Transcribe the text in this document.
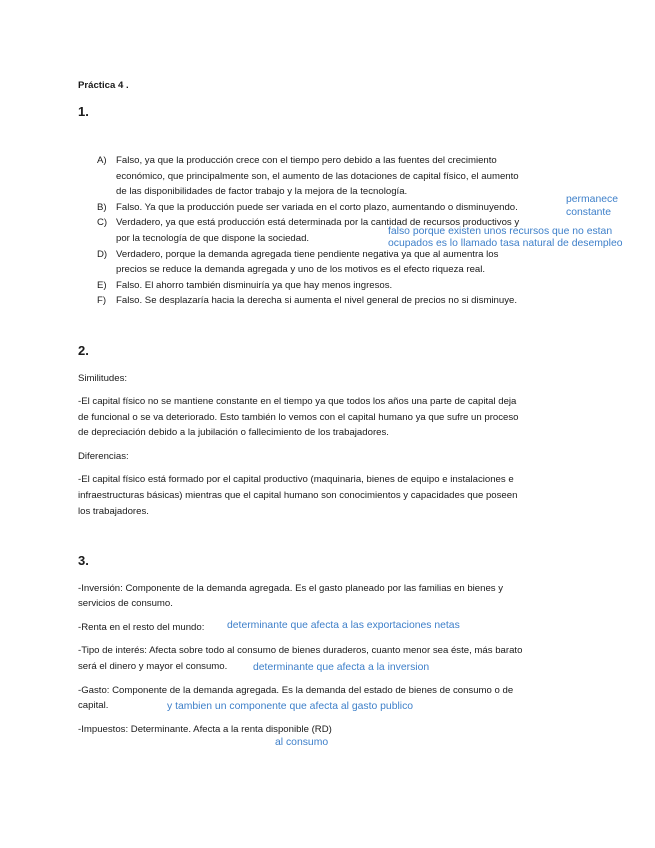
Práctica 4 .
1.
A) Falso, ya que la producción crece con el tiempo pero debido a las fuentes del crecimiento
económico, que principalmente son, el aumento de las dotaciones de capital físico, el aumento
de las disponibilidades de factor trabajo y la mejora de la tecnología.
B) Falso. Ya que la producción puede ser variada en el corto plazo, aumentando o disminuyendo.
C) Verdadero, ya que está producción está determinada por la cantidad de recursos productivos y
por la tecnología de que dispone la sociedad.
D) Verdadero, porque la demanda agregada tiene pendiente negativa ya que al aumentra los
precios se reduce la demanda agregada y uno de los motivos es el efecto riqueza real.
E) Falso. El ahorro también disminuiría ya que hay menos ingresos.
F) Falso. Se desplazaría hacia la derecha si aumenta el nivel general de precios no si disminuye.
permanece
constante
falso porque existen unos recursos que no estan
ocupados es lo llamado tasa natural de desempleo
2.
Similitudes:
-El capital físico no se mantiene constante en el tiempo ya que todos los años una parte de capital deja
de funcional o se va deteriorado. Esto también lo vemos con el capital humano ya que sufre un proceso
de depreciación debido a la jubilación o fallecimiento de los trabajadores.
Diferencias:
-El capital físico está formado por el capital productivo (maquinaria, bienes de equipo e instalaciones e
infraestructuras básicas) mientras que el capital humano son conocimientos y capacidades que poseen
los trabajadores.
3.
-Inversión: Componente de la demanda agregada. Es el gasto planeado por las familias en bienes y
servicios de consumo.
-Renta en el resto del mundo: determinante que afecta a las exportaciones netas
-Tipo de interés: Afecta sobre todo al consumo de bienes duraderos, cuanto menor sea éste, más barato
será el dinero y mayor el consumo. determinante que afecta a la inversion
-Gasto: Componente de la demanda agregada. Es la demanda del estado de bienes de consumo o de
capital.	y tambien un componente que afecta al gasto publico
-Impuestos: Determinante. Afecta a la renta disponible (RD)
al consumo
